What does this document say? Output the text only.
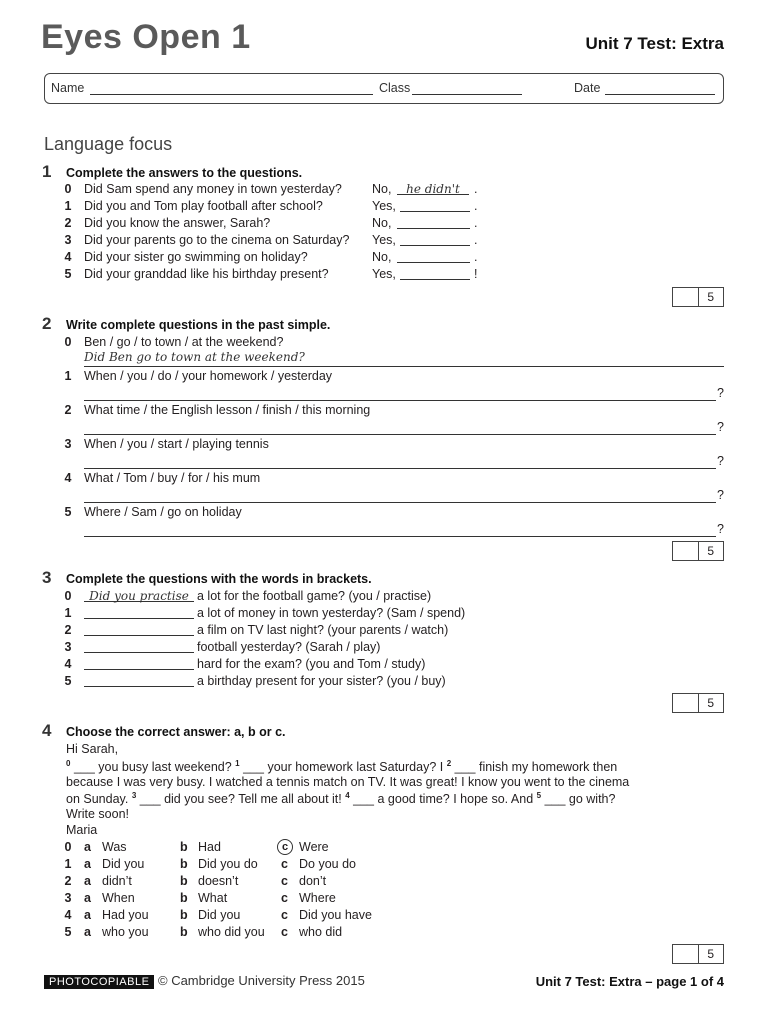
Eyes Open 1	Unit 7 Test: Extra
Name	Class	Date
Language focus
1 Complete the answers to the questions.
0	Did Sam spend any money in town yesterday? No,	he didn't	.
1	Did you and Tom play football after school?	Yes,	.
2	Did you know the answer, Sarah?	No,	.
3	Did your parents go to the cinema on Saturday? Yes,	.
4	Did your sister go swimming on holiday?	No,	.
5	Did your granddad like his birthday present?	Yes,	!
5
2 Write complete questions in the past simple.
0	Ben / go / to town / at the weekend?
Did Ben go to town at the weekend?
1	When / you / do / your homework / yesterday
?
2	What time / the English lesson / finish / this morning
?
3	When / you / start / playing tennis
?
4	What / Tom / buy / for / his mum
?
5	Where / Sam / go on holiday
?
5
3 Complete the questions with the words in brackets.
0	Did you practise a lot for the football game? (you / practise)
1	a lot of money in town yesterday? (Sam / spend)
2	a film on TV last night? (your parents / watch)
3	football yesterday? (Sarah / play)
4	hard for the exam? (you and Tom / study)
5	a birthday present for your sister? (you / buy)
5
4 Choose the correct answer: a, b or c.
Hi Sarah,
$^0$ ___ you busy last weekend? $^1$ ___ your homework last Saturday? I $^2$ ___ finish my homework then
because I was very busy. I watched a tennis match on TV. It was great! I know you went to the cinema
on Sunday. $^3$ ___ did you see? Tell me all about it! $^4$ ___ a good time? I hope so. And $^5$ ___ go with?
Write soon!
Maria
0	a Was	b Had	c Were
1	a Did you	b Did you do c Do you do
2	a didn’t	b doesn’t	c don’t
3	a When	b What	c Where
4	a Had you	b Did you	c Did you have
5	a who you	b who did you c who did
5
PHOTOCOPIABLE © Cambridge University Press 2015	Unit 7 Test: Extra – page 1 of 4
